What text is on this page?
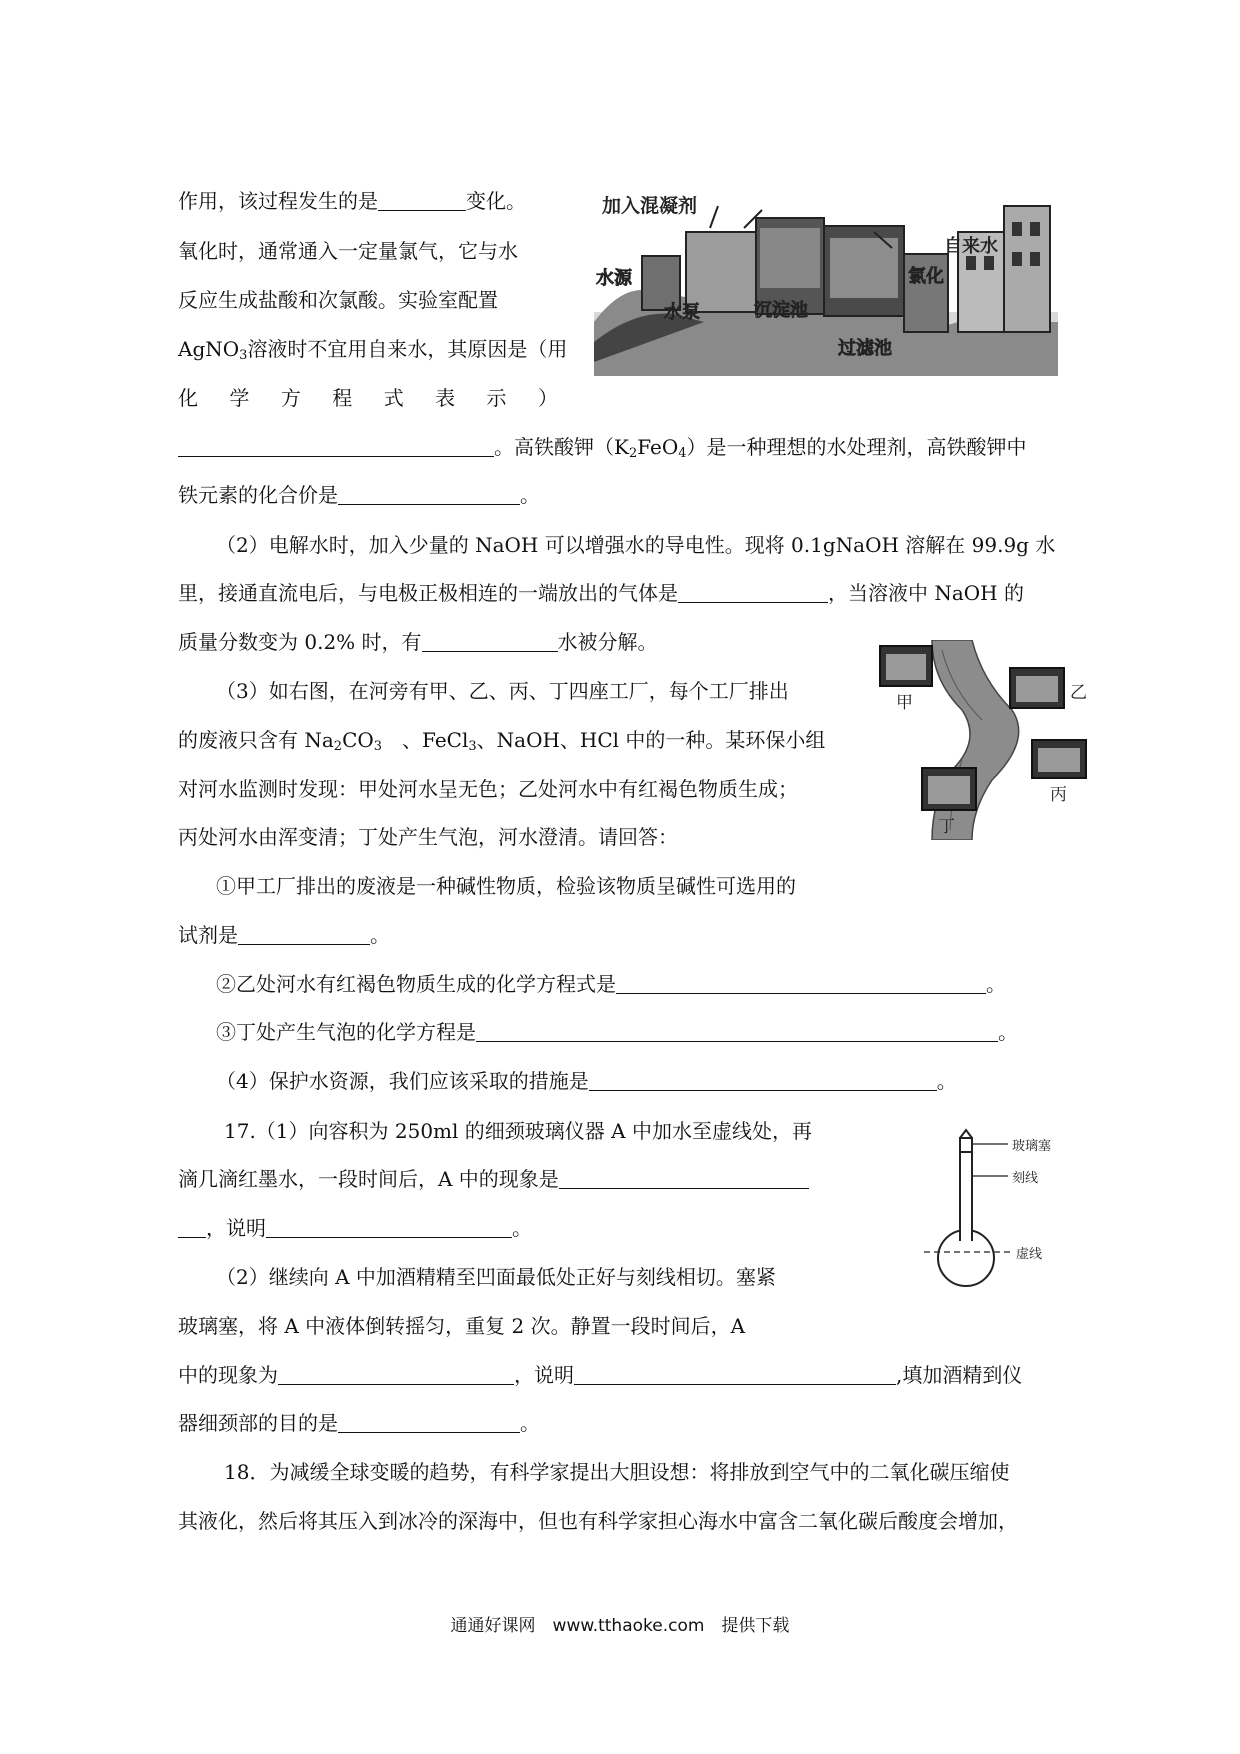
作用，该过程发生的是	变化。
氧化时，通常通入一定量氯气，它与水
反应生成盐酸和次氯酸。实验室配置
AgNO$_3$溶液时不宜用自来水，其原因是（用
化 学 方 程 式 表 示 ）
。高铁酸钾$(K_2FeO_4)$是一种理想的水处理剂，高铁酸钾中
铁元素的化合价是	。
（2）电解水时，加入少量的 NaOH 可以增强水的导电性。现将 0.1gNaOH 溶解在 99.9g 水
里，接通直流电后，与电极正极相连的一端放出的气体是	，当溶液中 NaOH 的
质量分数变为 0.2% 时，有	水被分解。
（3）如右图，在河旁有甲、乙、丙、丁四座工厂，每个工厂排出
的废液只含有 $Na_2CO_3$　、FeCl$_3$、NaOH、HCl 中的一种。某环保小组
对河水监测时发现：甲处河水呈无色；乙处河水中有红褐色物质生成；
丙处河水由浑变清；丁处产生气泡，河水澄清。请回答：
①甲工厂排出的废液是一种碱性物质，检验该物质呈碱性可选用的
试剂是	。
②乙处河水有红褐色物质生成的化学方程式是	。
③丁处产生气泡的化学方程是	。
（4）保护水资源，我们应该采取的措施是	。
17.（1）向容积为 250ml 的细颈玻璃仪器 A 中加水至虚线处，再
滴几滴红墨水，一段时间后，A 中的现象是
，说明	。
（2）继续向 A 中加酒精精至凹面最低处正好与刻线相切。塞紧
玻璃塞，将 A 中液体倒转摇匀，重复 2 次。静置一段时间后，A
中的现象为	，说明	,填加酒精到仪
器细颈部的目的是	。
18．为减缓全球变暖的趋势，有科学家提出大胆设想：将排放到空气中的二氧化碳压缩使
其液化，然后将其压入到冰冷的深海中，但也有科学家担心海水中富含二氧化碳后酸度会增加，
加入混凝剂
水源
水泵	沉淀池
过滤池
氯化
自来水
甲	乙
丙
丁
玻璃塞
刻线
虚线
通通好课网　www.tthaoke.com　提供下载
